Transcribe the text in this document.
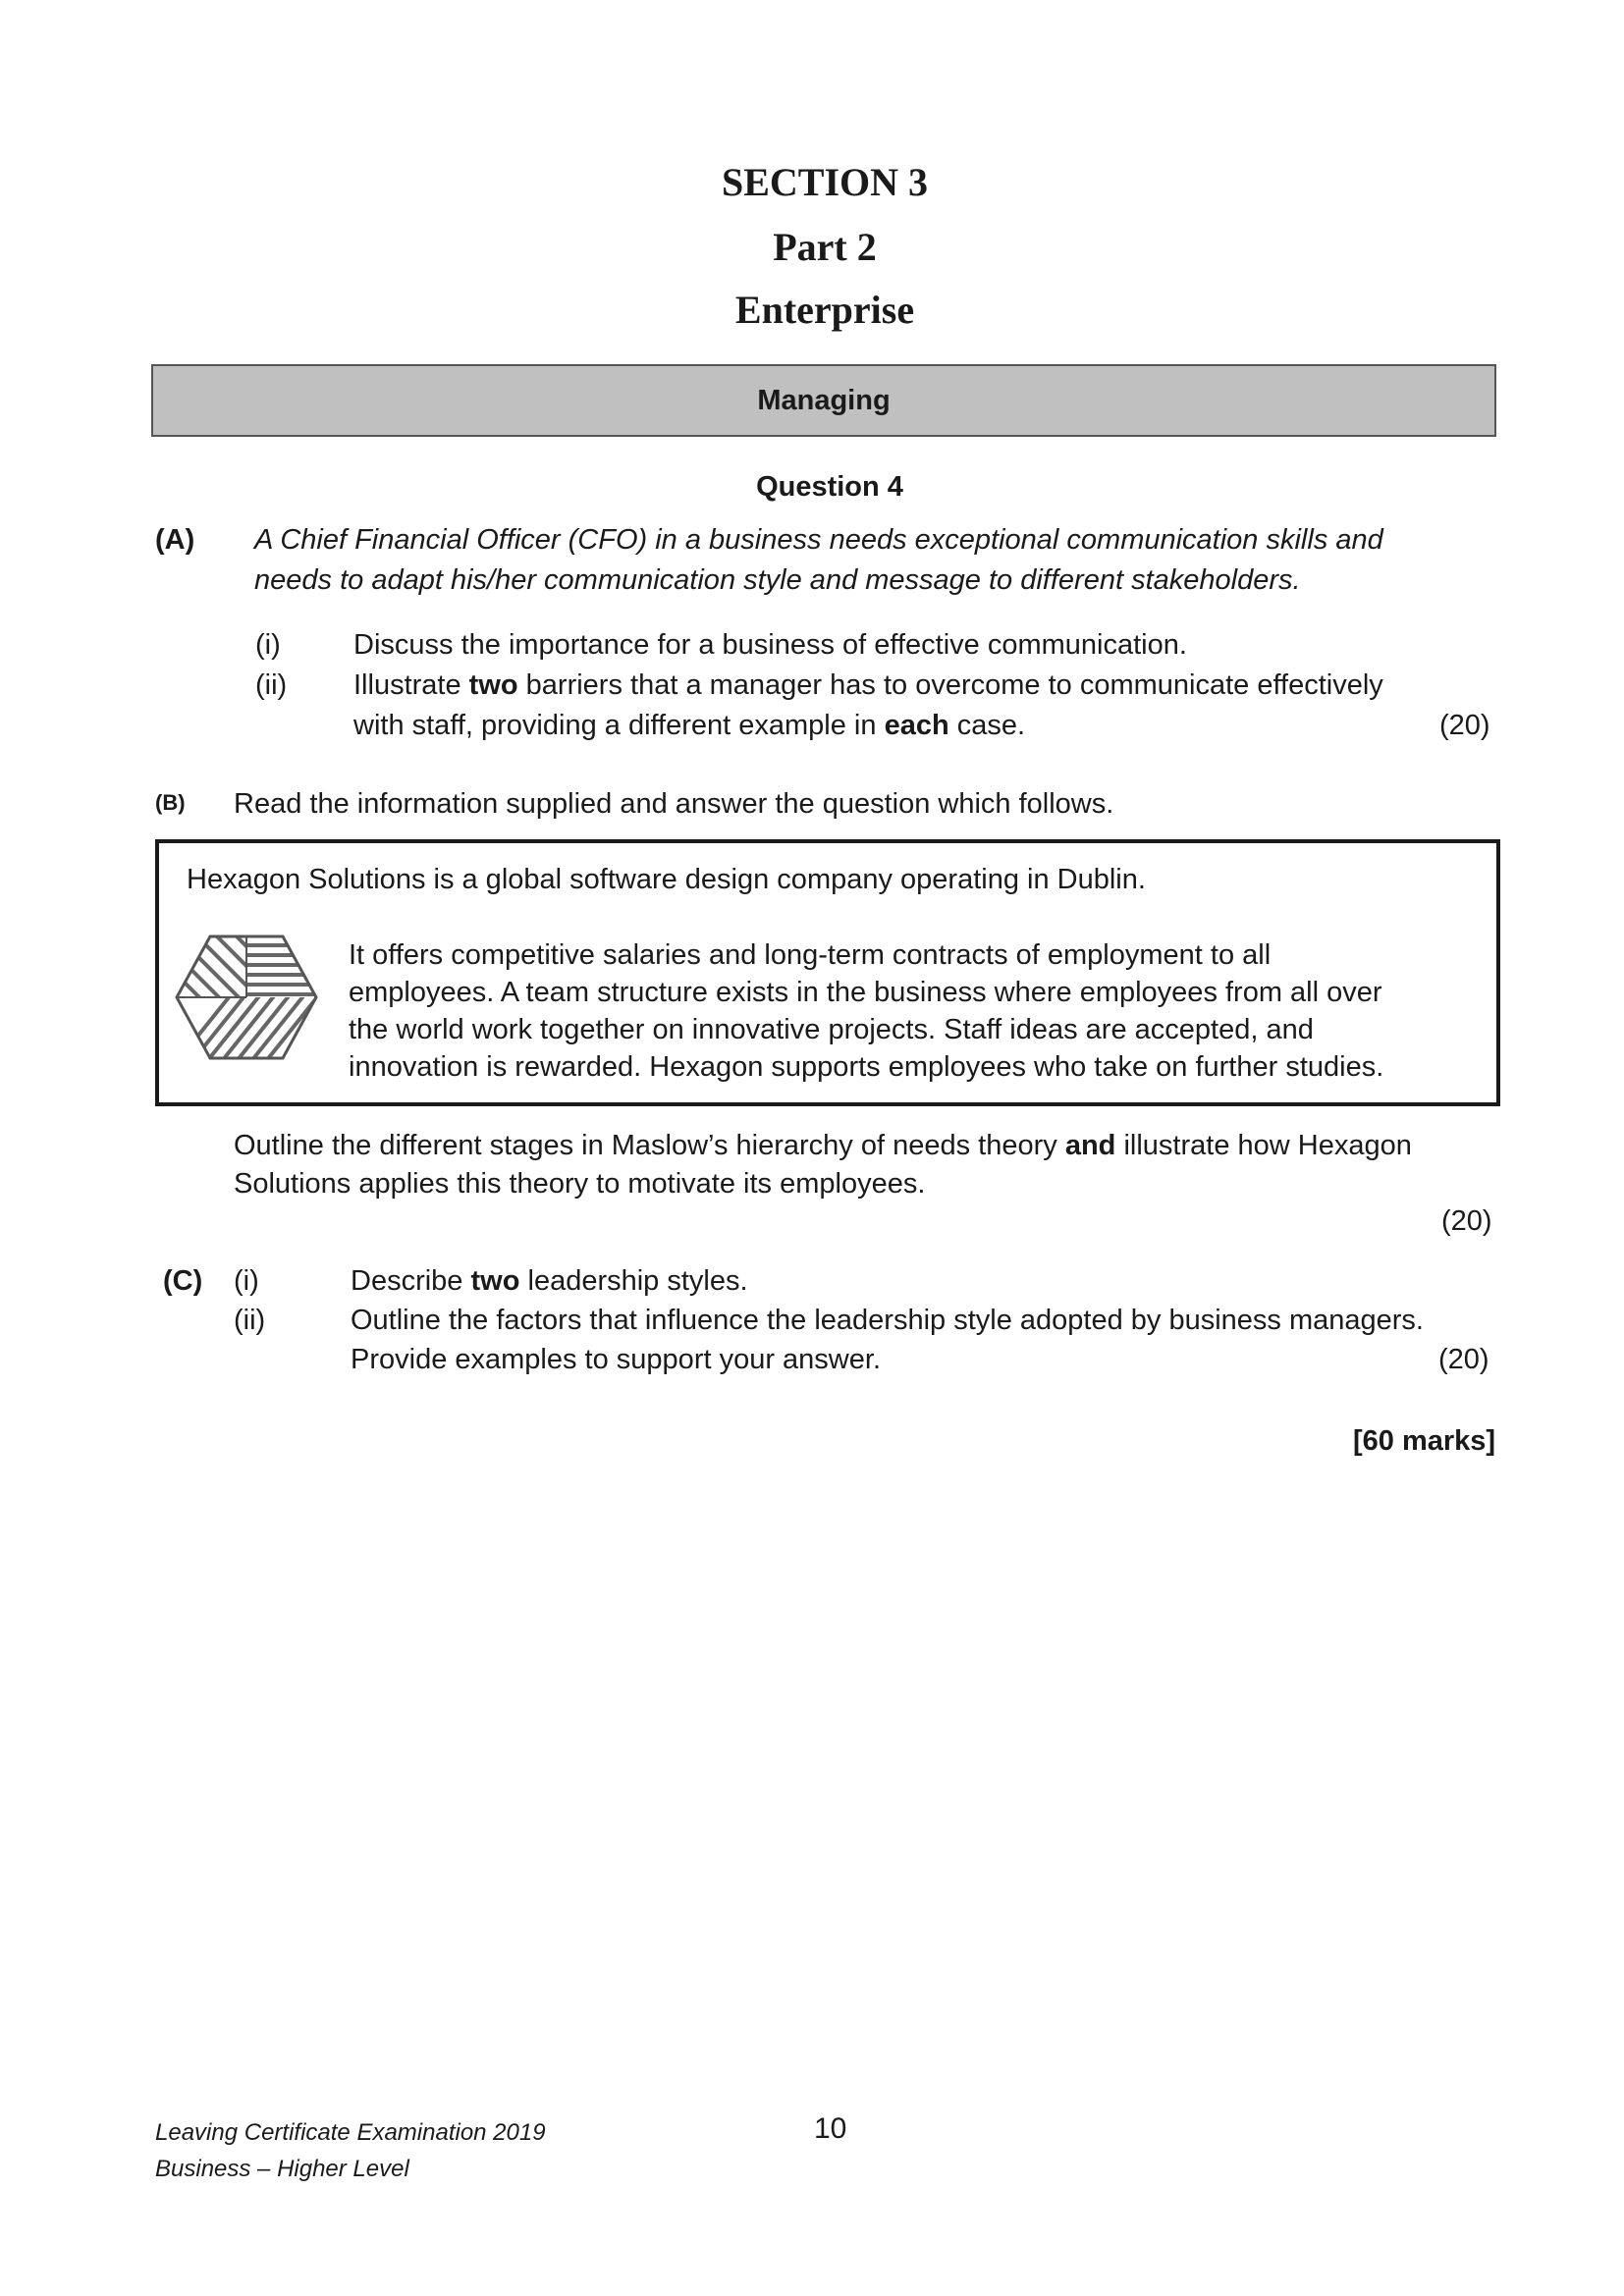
SECTION 3
Part 2
Enterprise
Managing
Question 4
(A) A Chief Financial Officer (CFO) in a business needs exceptional communication skills and
needs to adapt his/her communication style and message to different stakeholders.
(i)	Discuss the importance for a business of effective communication.
(ii) Illustrate two barriers that a manager has to overcome to communicate effectively
with staff, providing a different example in each case.	(20)
(B) Read the information supplied and answer the question which follows.
Hexagon Solutions is a global software design company operating in Dublin.
It offers competitive salaries and long-term contracts of employment to all
employees. A team structure exists in the business where employees from all over
the world work together on innovative projects. Staff ideas are accepted, and
innovation is rewarded. Hexagon supports employees who take on further studies.
Outline the different stages in Maslow’s hierarchy of needs theory and illustrate how Hexagon
Solutions applies this theory to motivate its employees.
(20)
(C) (i)	Describe two leadership styles.
(ii)	Outline the factors that influence the leadership style adopted by business managers.
Provide examples to support your answer.	(20)
[60 marks]
Leaving Certificate Examination 2019
Business – Higher Level
10
